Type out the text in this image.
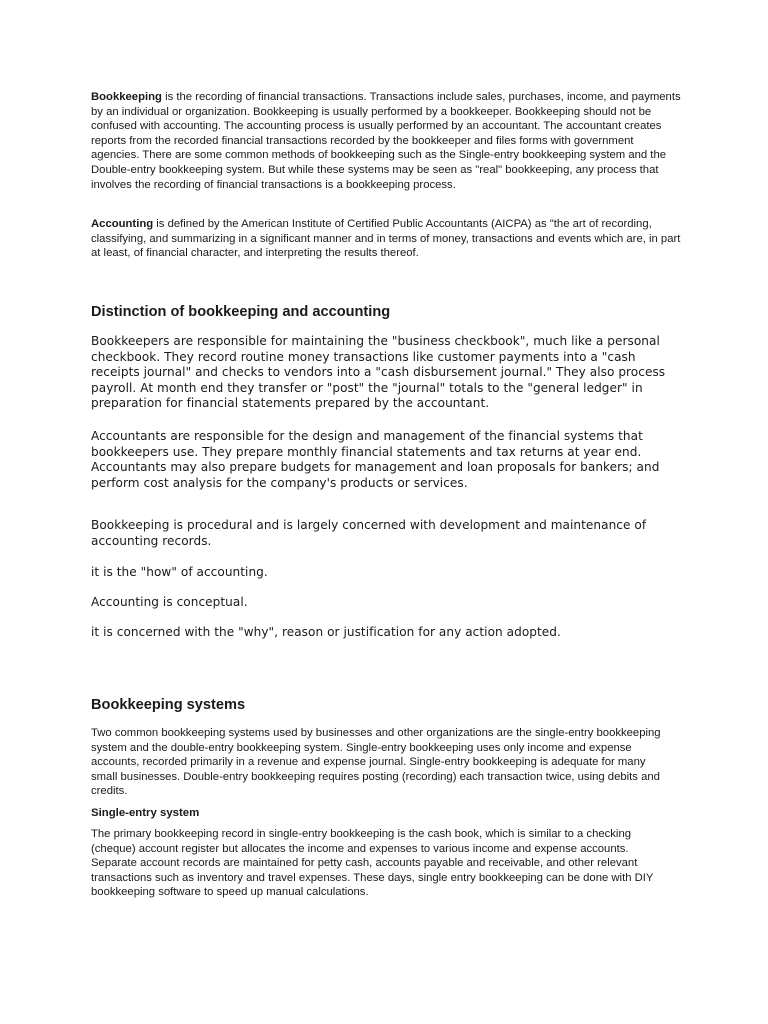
Bookkeeping is the recording of financial transactions. Transactions include sales, purchases, income, and payments by an individual or organization. Bookkeeping is usually performed by a bookkeeper. Bookkeeping should not be confused with accounting. The accounting process is usually performed by an accountant. The accountant creates reports from the recorded financial transactions recorded by the bookkeeper and files forms with government agencies. There are some common methods of bookkeeping such as the Single-entry bookkeeping system and the Double-entry bookkeeping system. But while these systems may be seen as "real" bookkeeping, any process that involves the recording of financial transactions is a bookkeeping process.

Accounting is defined by the American Institute of Certified Public Accountants (AICPA) as "the art of recording, classifying, and summarizing in a significant manner and in terms of money, transactions and events which are, in part at least, of financial character, and interpreting the results thereof.

Distinction of bookkeeping and accounting

Bookkeepers are responsible for maintaining the "business checkbook", much like a personal checkbook. They record routine money transactions like customer payments into a "cash receipts journal" and checks to vendors into a "cash disbursement journal." They also process payroll. At month end they transfer or "post" the "journal" totals to the "general ledger" in preparation for financial statements prepared by the accountant.

Accountants are responsible for the design and management of the financial systems that bookkeepers use. They prepare monthly financial statements and tax returns at year end. Accountants may also prepare budgets for management and loan proposals for bankers; and perform cost analysis for the company's products or services.

Bookkeeping is procedural and is largely concerned with development and maintenance of accounting records.

it is the "how" of accounting.

Accounting is conceptual.

it is concerned with the "why", reason or justification for any action adopted.

Bookkeeping systems

Two common bookkeeping systems used by businesses and other organizations are the single-entry bookkeeping system and the double-entry bookkeeping system. Single-entry bookkeeping uses only income and expense accounts, recorded primarily in a revenue and expense journal. Single-entry bookkeeping is adequate for many small businesses. Double-entry bookkeeping requires posting (recording) each transaction twice, using debits and credits.

Single-entry system

The primary bookkeeping record in single-entry bookkeeping is the cash book, which is similar to a checking (cheque) account register but allocates the income and expenses to various income and expense accounts. Separate account records are maintained for petty cash, accounts payable and receivable, and other relevant transactions such as inventory and travel expenses. These days, single entry bookkeeping can be done with DIY bookkeeping software to speed up manual calculations.
